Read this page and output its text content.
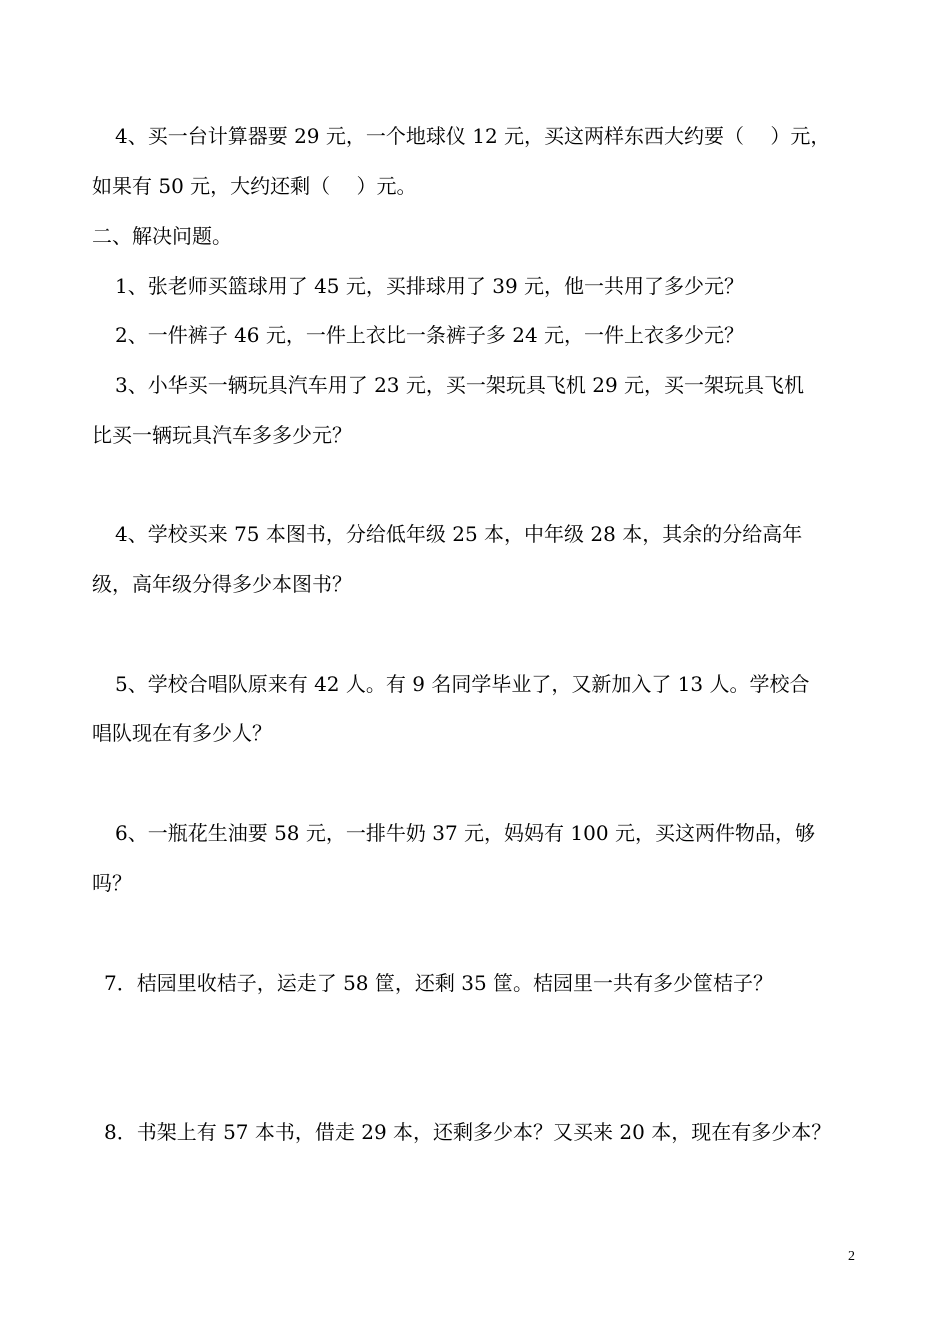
4、买一台计算器要 29 元，一个地球仪 12 元，买这两样东西大约要（　 ）元，

如果有 50 元，大约还剩（　 ）元。

二、解决问题。

1、张老师买篮球用了 45 元，买排球用了 39 元，他一共用了多少元？

2、一件裤子 46 元，一件上衣比一条裤子多 24 元，一件上衣多少元？

3、小华买一辆玩具汽车用了 23 元，买一架玩具飞机 29 元，买一架玩具飞机

比买一辆玩具汽车多多少元？

4、学校买来 75 本图书，分给低年级 25 本，中年级 28 本，其余的分给高年

级，高年级分得多少本图书？

5、学校合唱队原来有 42 人。有 9 名同学毕业了，又新加入了 13 人。学校合

唱队现在有多少人？

6、一瓶花生油要 58 元，一排牛奶 37 元，妈妈有 100 元，买这两件物品，够

吗？

7．桔园里收桔子，运走了 58 筐，还剩 35 筐。桔园里一共有多少筐桔子？

8．书架上有 57 本书，借走 29 本，还剩多少本？又买来 20 本，现在有多少本？

2
